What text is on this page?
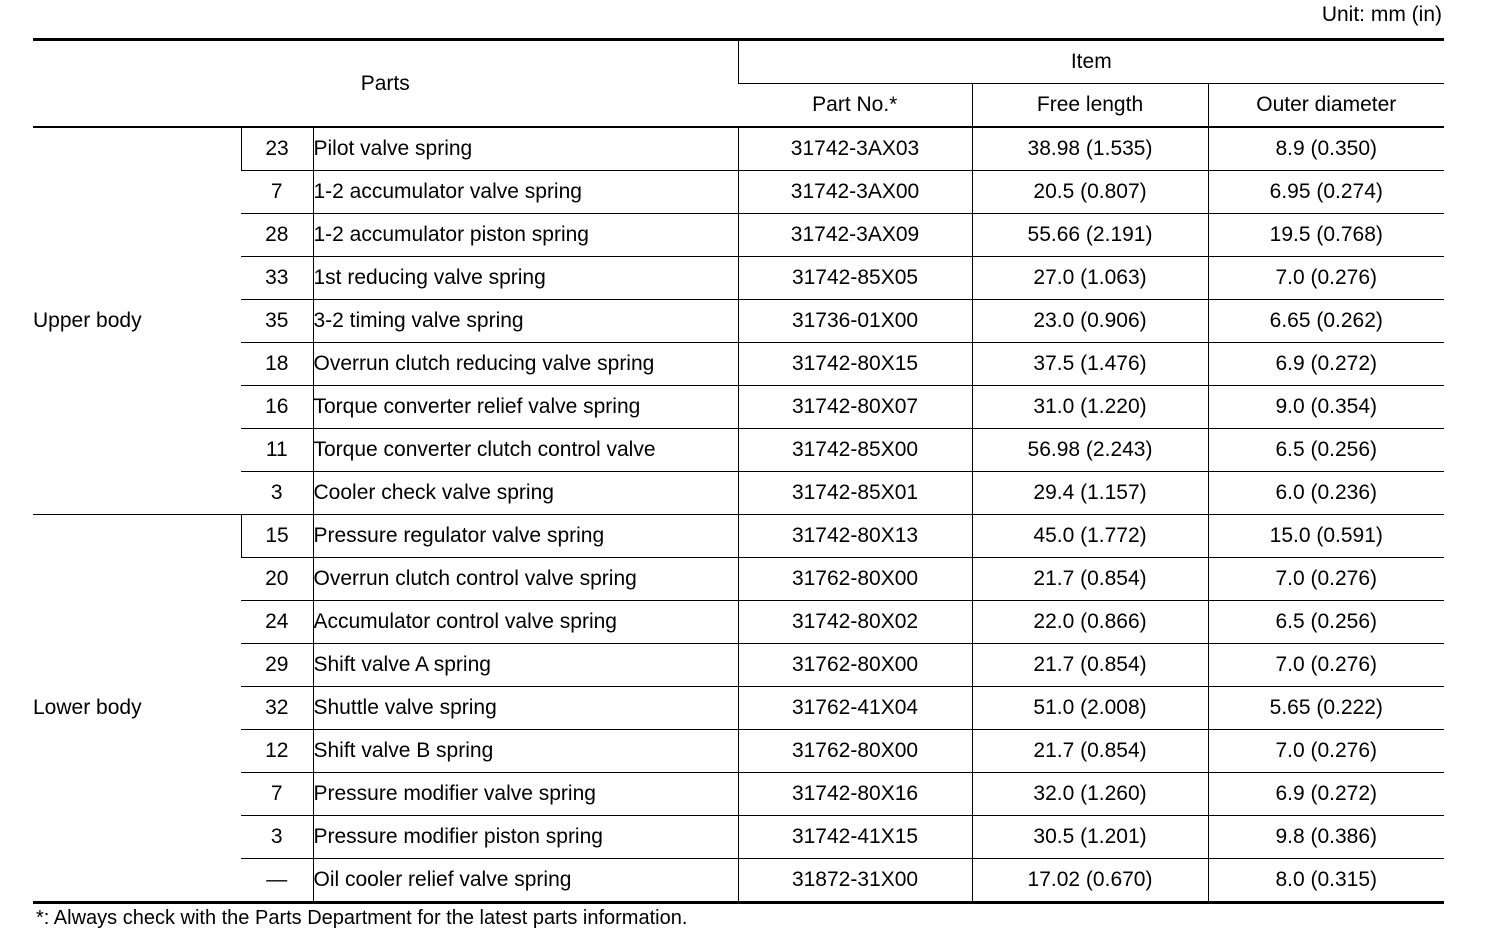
Unit: mm (in)
Parts			Item		
			Part No.*	Free length	Outer diameter
Upper body	23	Pilot valve spring	31742-3AX03	38.98 (1.535)	8.9 (0.350)
	7	1-2 accumulator valve spring	31742-3AX00	20.5 (0.807)	6.95 (0.274)
	28	1-2 accumulator piston spring	31742-3AX09	55.66 (2.191)	19.5 (0.768)
	33	1st reducing valve spring	31742-85X05	27.0 (1.063)	7.0 (0.276)
	35	3-2 timing valve spring	31736-01X00	23.0 (0.906)	6.65 (0.262)
	18	Overrun clutch reducing valve spring	31742-80X15	37.5 (1.476)	6.9 (0.272)
	16	Torque converter relief valve spring	31742-80X07	31.0 (1.220)	9.0 (0.354)
	11	Torque converter clutch control valve	31742-85X00	56.98 (2.243)	6.5 (0.256)
	3	Cooler check valve spring	31742-85X01	29.4 (1.157)	6.0 (0.236)
Lower body	15	Pressure regulator valve spring	31742-80X13	45.0 (1.772)	15.0 (0.591)
	20	Overrun clutch control valve spring	31762-80X00	21.7 (0.854)	7.0 (0.276)
	24	Accumulator control valve spring	31742-80X02	22.0 (0.866)	6.5 (0.256)
	29	Shift valve A spring	31762-80X00	21.7 (0.854)	7.0 (0.276)
	32	Shuttle valve spring	31762-41X04	51.0 (2.008)	5.65 (0.222)
	12	Shift valve B spring	31762-80X00	21.7 (0.854)	7.0 (0.276)
	7	Pressure modifier valve spring	31742-80X16	32.0 (1.260)	6.9 (0.272)
	3	Pressure modifier piston spring	31742-41X15	30.5 (1.201)	9.8 (0.386)
	—	Oil cooler relief valve spring	31872-31X00	17.02 (0.670)	8.0 (0.315)
*: Always check with the Parts Department for the latest parts information.
